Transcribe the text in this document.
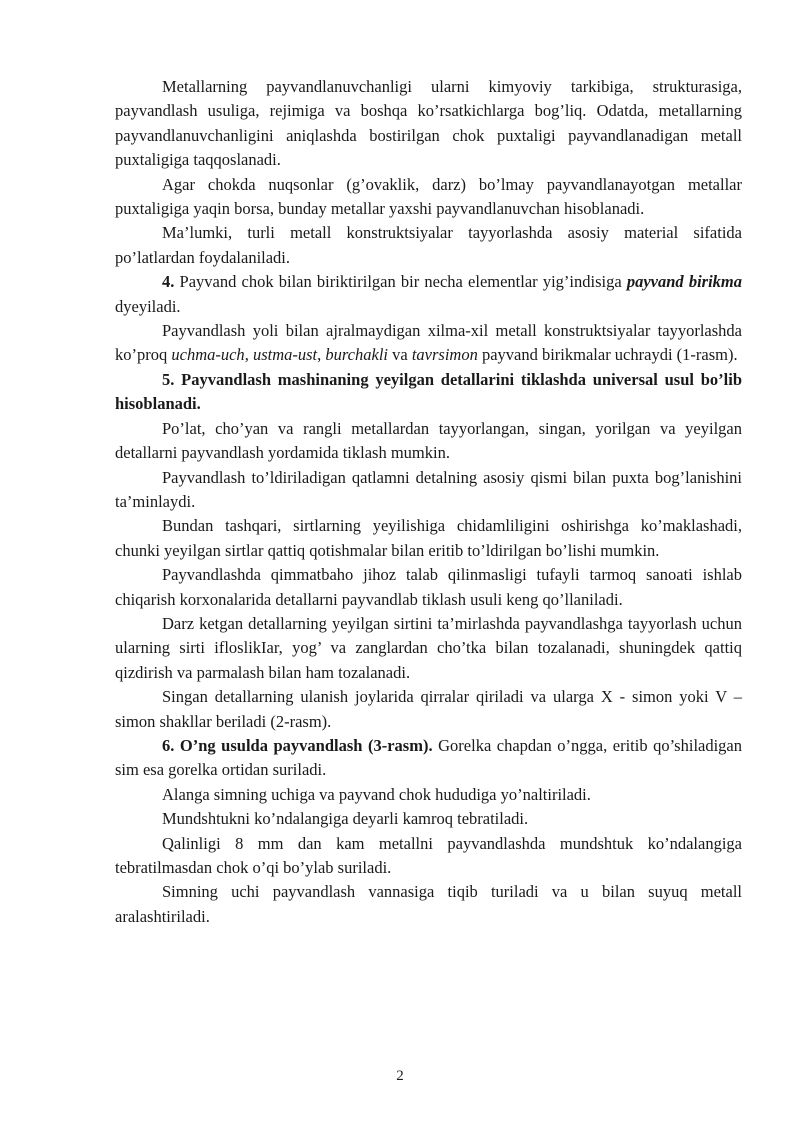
Metallarning payvandlanuvchanligi ularni kimyoviy tarkibiga, strukturasiga, payvandlash usuliga, rejimiga va boshqa ko’rsatkichlarga bog’liq. Odatda, metallarning payvandlanuvchanligini aniqlashda bostirilgan chok puxtaligi payvandlanadigan metall puxtaligiga taqqoslanadi.

Agar chokda nuqsonlar (g’ovaklik, darz) bo’lmay payvandlanayotgan metallar puxtaligiga yaqin borsa, bunday metallar yaxshi payvandlanuvchan hisoblanadi.

Ma’lumki, turli metall konstruktsiyalar tayyorlashda asosiy material sifatida po’latlardan foydalaniladi.

4. Payvand chok bilan biriktirilgan bir necha elementlar yig’indisiga payvand birikma dyeyiladi.

Payvandlash yoli bilan ajralmaydigan xilma-xil metall konstruktsiyalar tayyorlashda ko’proq uchma-uch, ustma-ust, burchakli va tavrsimon payvand birikmalar uchraydi (1-rasm).

5. Payvandlash mashinaning yeyilgan detallarini tiklashda universal usul bo’lib hisoblanadi.

Po’lat, cho’yan va rangli metallardan tayyorlangan, singan, yorilgan va yeyilgan detallarni payvandlash yordamida tiklash mumkin.

Payvandlash to’ldiriladigan qatlamni detalning asosiy qismi bilan puxta bog’lanishini ta’minlaydi.

Bundan tashqari, sirtlarning yeyilishiga chidamliligini oshirishga ko’maklashadi, chunki yeyilgan sirtlar qattiq qotishmalar bilan eritib to’ldirilgan bo’lishi mumkin.

Payvandlashda qimmatbaho jihoz talab qilinmasligi tufayli tarmoq sanoati ishlab chiqarish korxonalarida detallarni payvandlab tiklash usuli keng qo’llaniladi.

Darz ketgan detallarning yeyilgan sirtini ta’mirlashda payvandlashga tayyorlash uchun ularning sirti ifloslikIar, yog’ va zanglardan cho’tka bilan tozalanadi, shuningdek qattiq qizdirish va parmalash bilan ham tozalanadi.

Singan detallarning ulanish joylarida qirralar qiriladi va ularga X - simon yoki V – simon shakllar beriladi (2-rasm).

6. O’ng usulda payvandlash (3-rasm). Gorelka chapdan o’ngga, eritib qo’shiladigan sim esa gorelka ortidan suriladi.

Alanga simning uchiga va payvand chok hududiga yo’naltiriladi.

Mundshtukni ko’ndalangiga deyarli kamroq tebratiladi.

Qalinligi 8 mm dan kam metallni payvandlashda mundshtuk ko’ndalangiga tebratilmasdan chok o’qi bo’ylab suriladi.

Simning uchi payvandlash vannasiga tiqib turiladi va u bilan suyuq metall aralashtiriladi.

2
